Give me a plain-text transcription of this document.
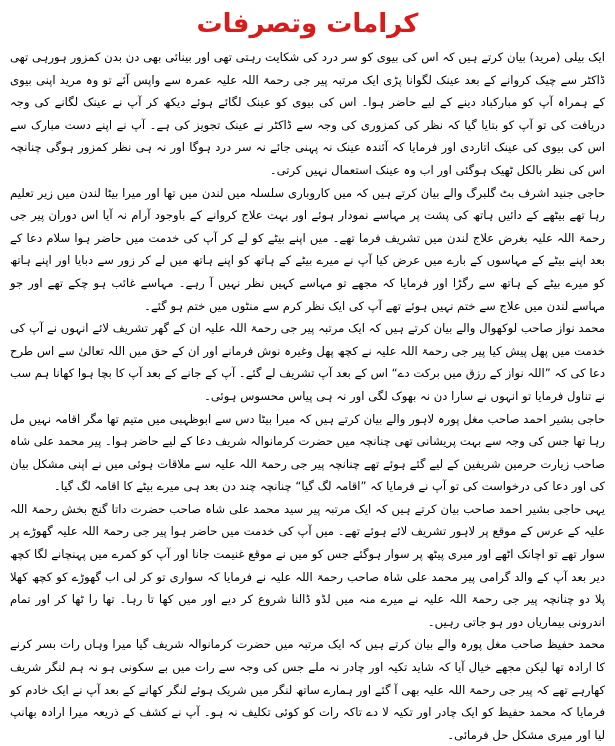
کرامات وتصرفات

ایک بیلی (مرید) بیان کرتے ہیں کہ اس کی بیوی کو سر درد کی شکایت رہتی تھی اور بینائی بھی دن بدن کمزور ہورہی تھی ڈاکٹر سے چیک کروانے کے بعد عینک لگوانا پڑی ایک مرتبہ پیر جی رحمۃ اللہ علیہ عمرہ سے واپس آئے تو وہ مرید اپنی بیوی کے ہمراہ آپ کو مبارکباد دینے کے لیے حاضر ہوا۔ اس کی بیوی کو عینک لگائے ہوئے دیکھ کر آپ نے عینک لگانے کی وجہ دریافت کی تو آپ کو بتایا گیا کہ نظر کی کمزوری کی وجہ سے ڈاکٹر نے عینک تجویز کی ہے۔ آپ نے اپنے دست مبارک سے اس کی بیوی کی عینک اتاردی اور فرمایا کہ آئندہ عینک نہ پہنی جائے نہ سر درد ہوگا اور نہ ہی نظر کمزور ہوگی چنانچہ اس کی نظر بالکل ٹھیک ہوگئی اور اب وہ عینک استعمال نہیں کرتی۔

حاجی جنید اشرف بٹ گلبرگ والے بیان کرتے ہیں کہ میں کاروباری سلسلہ میں لندن میں تھا اور میرا بیٹا لندن میں زیر تعلیم رہا تھے بیٹھے کے دائیں ہاتھ کی پشت پر مہاسے نمودار ہوئے اور بہت علاج کروانے کے باوجود آرام نہ آیا اس دوران پیر جی رحمۃ اللہ علیہ بغرض علاج لندن میں تشریف فرما تھے۔ میں اپنے بیٹے کو لے کر آپ کی خدمت میں حاضر ہوا سلام دعا کے بعد اپنے بیٹے کے مہاسوں کے بارے میں عرض کیا آپ نے میرے بیٹے کے ہاتھ کو اپنے ہاتھ میں لے کر زور سے دبایا اور اپنے ہاتھ کو میرے بیٹے کے ہاتھ سے رگڑا اور فرمایا کہ مجھے تو مہاسے کہیں نظر نہیں آ رہے۔ مہاسے غائب ہو چکے تھے اور جو مہاسے لندن میں علاج سے ختم نہیں ہوئے تھے آپ کی ایک نظر کرم سے منٹوں میں ختم ہو گئے۔

محمد نواز صاحب لوکھوال والے بیان کرتے ہیں کہ ایک مرتبہ پیر جی رحمۃ اللہ علیہ ان کے گھر تشریف لائے انہوں نے آپ کی خدمت میں پھل پیش کیا پیر جی رحمۃ اللہ علیہ نے کچھ پھل وغیرہ نوش فرمانے اور ان کے حق میں اللہ تعالیٰ سے اس طرح دعا کی کہ ”اللہ نواز کے رزق میں برکت دے“ اس کے بعد آپ تشریف لے گئے۔ آپ کے جانے کے بعد آپ کا بچا ہوا کھانا ہم سب نے تناول فرمایا تو انہوں نے سارا دن نہ بھوک لگی اور نہ ہی پیاس محسوس ہوئی۔

حاجی بشیر احمد صاحب مغل پورہ لاہور والے بیان کرتے ہیں کہ میرا بیٹا دس سے ابوظہبی میں متیم تھا مگر اقامہ نہیں مل رہا تھا جس کی وجہ سے بہت پریشانی تھی چنانچہ میں حضرت کرمانوالہ شریف دعا کے لیے حاضر ہوا۔ پیر محمد علی شاہ صاحب زیارت حرمین شریفین کے لیے گئے ہوئے تھے چنانچہ پیر جی رحمۃ اللہ علیہ سے ملاقات ہوئی میں نے اپنی مشکل بیان کی اور دعا کی درخواست کی تو آپ نے فرمایا کہ ”اقامہ لگ گیا“ چنانچہ چند دن بعد ہی میرے بیٹے کا اقامہ لگ گیا۔

یہی حاجی بشیر احمد صاحب بیان کرتے ہیں کہ ایک مرتبہ پیر سید محمد علی شاہ صاحب حضرت داتا گنج بخش رحمۃ اللہ علیہ کے عرس کے موقع پر لاہور تشریف لائے ہوئے تھے۔ میں آپ کی خدمت میں حاضر ہوا پیر جی رحمۃ اللہ علیہ گھوڑے پر سوار تھے تو اچانک اٹھے اور میری پیٹھ پر سوار ہوگئے جس کو میں نے موقع غنیمت جانا اور آپ کو کمرے میں پہنچانے لگا کچھ دیر بعد آپ کے والد گرامی پیر محمد علی شاہ صاحب رحمۃ اللہ علیہ نے فرمایا کہ سواری تو کر لی اب گھوڑے کو کچھ کھلا پلا دو چنانچہ پیر جی رحمۃ اللہ علیہ نے میرے منہ میں لڈو ڈالنا شروع کر دیے اور میں کھا تا رہا۔ تھا را ٹھا کر اور تمام اندرونی بیماریاں دور ہو جاتی رہیں۔

محمد حفیظ صاحب مغل پورہ والے بیان کرتے ہیں کہ ایک مرتبہ میں حضرت کرمانوالہ شریف گیا میرا وہاں رات بسر کرنے کا ارادہ تھا لیکن مجھے خیال آیا کہ شاید تکیہ اور چادر نہ ملے جس کی وجہ سے رات میں بے سکونی ہو نہ ہم لنگر شریف کھارہے تھے کہ پیر جی رحمۃ اللہ علیہ بھی آ گئے اور ہمارے ساتھ لنگر میں شریک ہوئے لنگر کھانے کے بعد آپ نے ایک خادم کو فرمایا کہ محمد حفیظ کو ایک چادر اور تکیہ لا دے تاکہ رات کو کوئی تکلیف نہ ہو۔ آپ نے کشف کے ذریعہ میرا ارادہ بھانپ لیا اور میری مشکل حل فرمائی۔
